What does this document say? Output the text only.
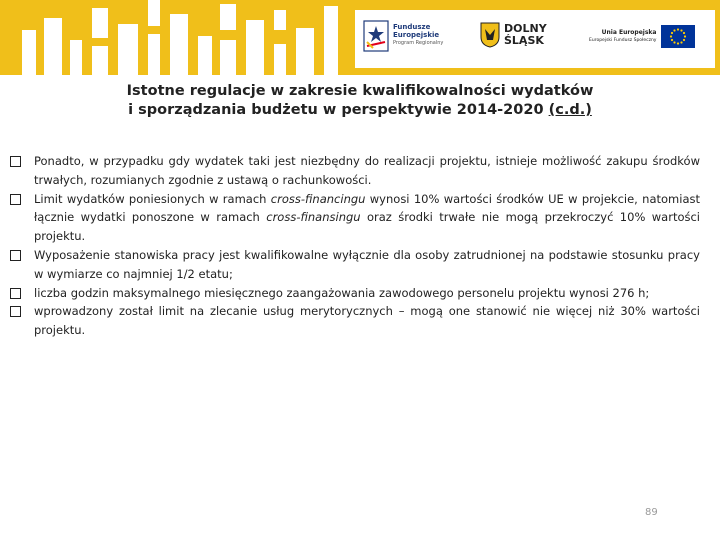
Fundusze
Europejskie
Program Regionalny
DOLNY
ŚLĄSK
Unia Europejska
Europejski Fundusz Społeczny
Istotne regulacje w zakresie kwalifikowalności wydatków
i sporządzania budżetu w perspektywie 2014-2020 (c.d.)
Ponadto, w przypadku gdy wydatek taki jest niezbędny do realizacji projektu, istnieje możliwość zakupu środków trwałych, rozumianych zgodnie z ustawą o rachunkowości.
Limit wydatków poniesionych w ramach cross-financingu wynosi 10% wartości środków UE w projekcie, natomiast łącznie wydatki ponoszone w ramach cross-finansingu oraz środki trwałe nie mogą przekroczyć 10% wartości projektu.
Wyposażenie stanowiska pracy jest kwalifikowalne wyłącznie dla osoby zatrudnionej na podstawie stosunku pracy w wymiarze co najmniej 1/2 etatu;
liczba godzin maksymalnego miesięcznego zaangażowania zawodowego personelu projektu wynosi 276 h;
wprowadzony został limit na zlecanie usług merytorycznych – mogą one stanowić nie więcej niż 30% wartości projektu.
89
